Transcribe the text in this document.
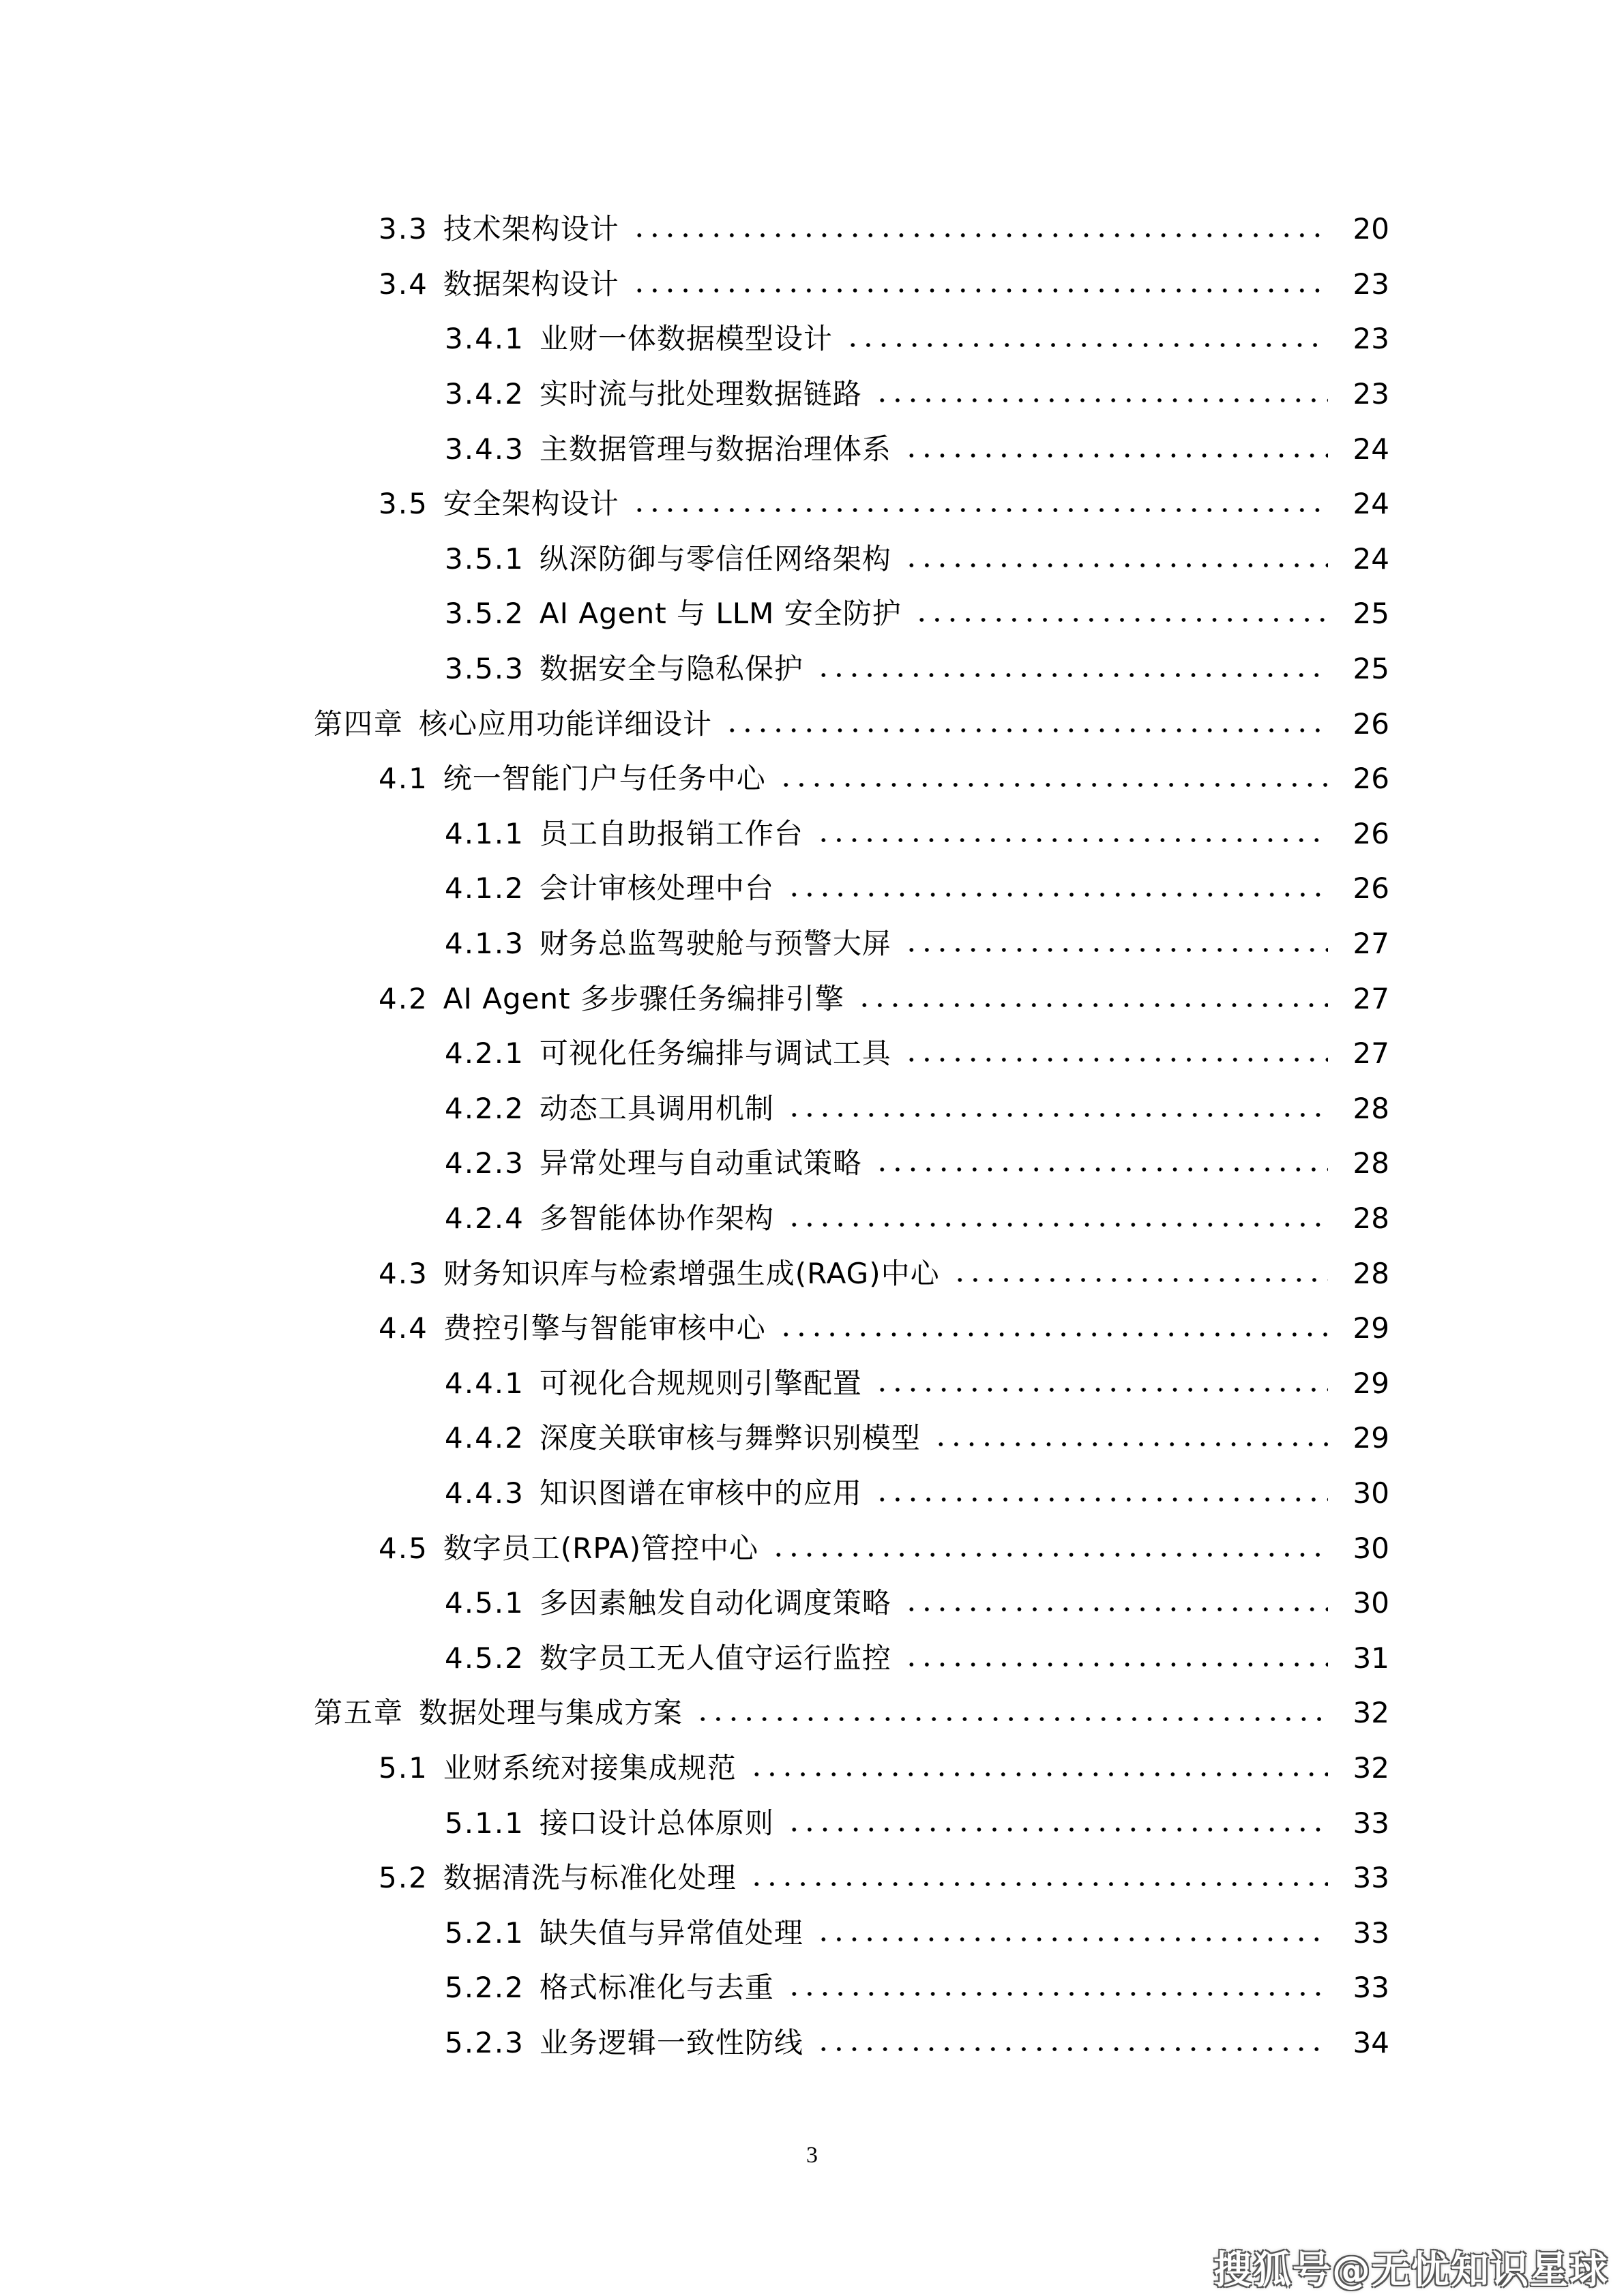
3.3 技术架构设计	20
3.4 数据架构设计	23
3.4.1 业财一体数据模型设计	23
3.4.2 实时流与批处理数据链路	23
3.4.3 主数据管理与数据治理体系	24
3.5 安全架构设计	24
3.5.1 纵深防御与零信任网络架构	24
3.5.2 AI Agent 与 LLM 安全防护	25
3.5.3 数据安全与隐私保护	25
第四章 核心应用功能详细设计	26
4.1 统一智能门户与任务中心	26
4.1.1 员工自助报销工作台	26
4.1.2 会计审核处理中台	26
4.1.3 财务总监驾驶舱与预警大屏	27
4.2 AI Agent 多步骤任务编排引擎	27
4.2.1 可视化任务编排与调试工具	27
4.2.2 动态工具调用机制	28
4.2.3 异常处理与自动重试策略	28
4.2.4 多智能体协作架构	28
4.3 财务知识库与检索增强生成(RAG)中心	28
4.4 费控引擎与智能审核中心	29
4.4.1 可视化合规规则引擎配置	29
4.4.2 深度关联审核与舞弊识别模型	29
4.4.3 知识图谱在审核中的应用	30
4.5 数字员工(RPA)管控中心	30
4.5.1 多因素触发自动化调度策略	30
4.5.2 数字员工无人值守运行监控	31
第五章 数据处理与集成方案	32
5.1 业财系统对接集成规范	32
5.1.1 接口设计总体原则	33
5.2 数据清洗与标准化处理	33
5.2.1 缺失值与异常值处理	33
5.2.2 格式标准化与去重	33
5.2.3 业务逻辑一致性防线	34
3
搜狐号@无忧知识星球
